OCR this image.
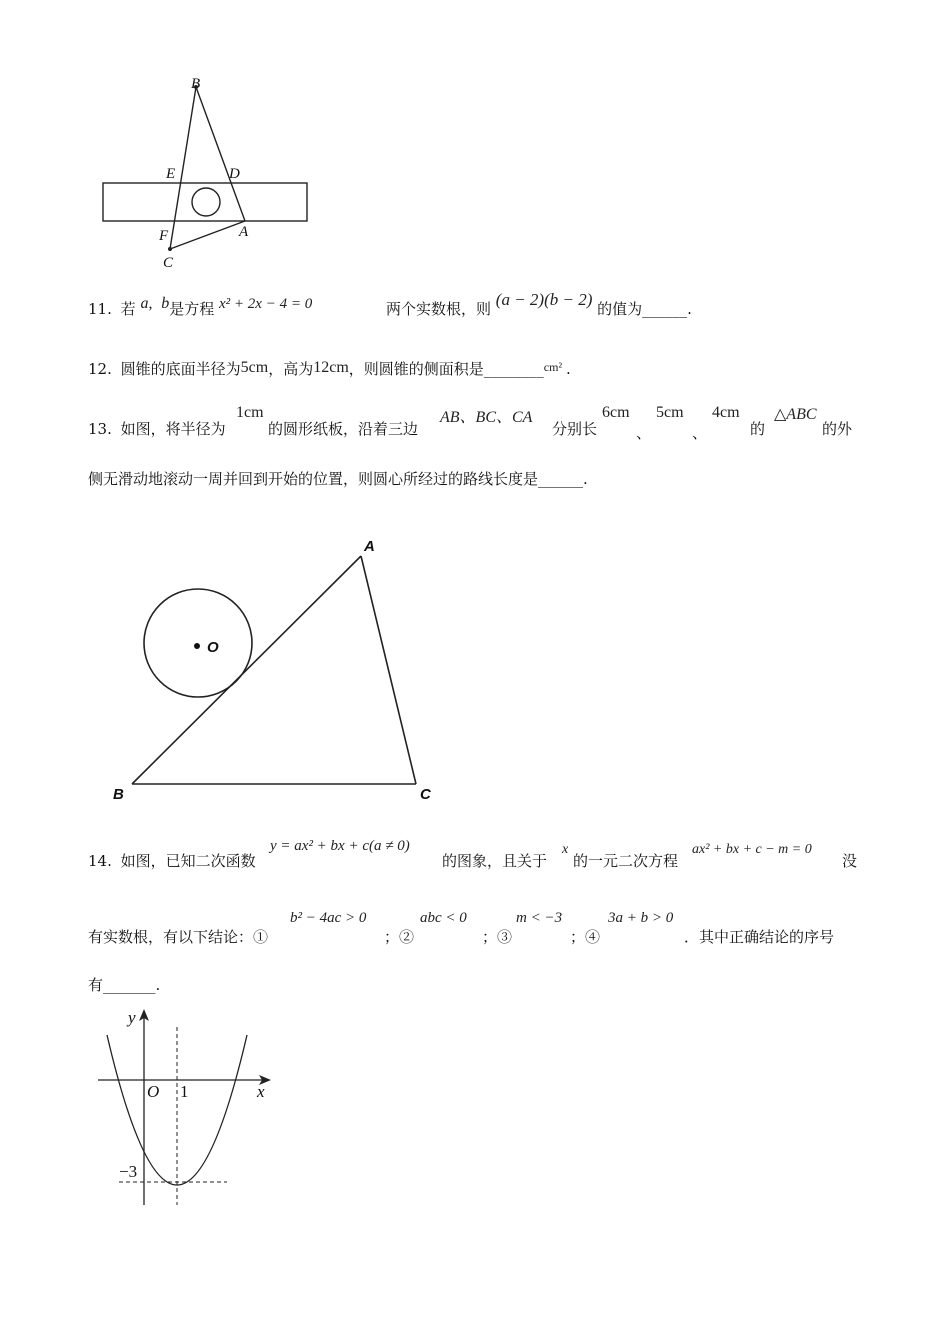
B
E	D
F	A
C
11. 若 a, b是方程 x² + 2x − 4 = 0	两个实数根，则 (a − 2)(b − 2) 的值为______.
12. 圆锥的底面半径为5cm，高为12cm，则圆锥的侧面积是________$^{cm^2}$ .
13. 如图，将半径为
1cm
的圆形纸板，沿着三边
AB、BC、CA
分别长
6cm
、
5cm
、
4cm
的
△ABC
的外
侧无滑动地滚动一周并回到开始的位置，则圆心所经过的路线长度是______.
A
O
B	C
14. 如图，已知二次函数
y = ax² + bx + c(a ≠ 0)
的图象，且关于
x
的一元二次方程
ax² + bx + c − m = 0
没
有实数根，有以下结论：①
b² − 4ac > 0
；②
abc < 0
；③
m < −3
；④
3a + b > 0
．其中正确结论的序号
有_______.
y
x
O 1
−3
